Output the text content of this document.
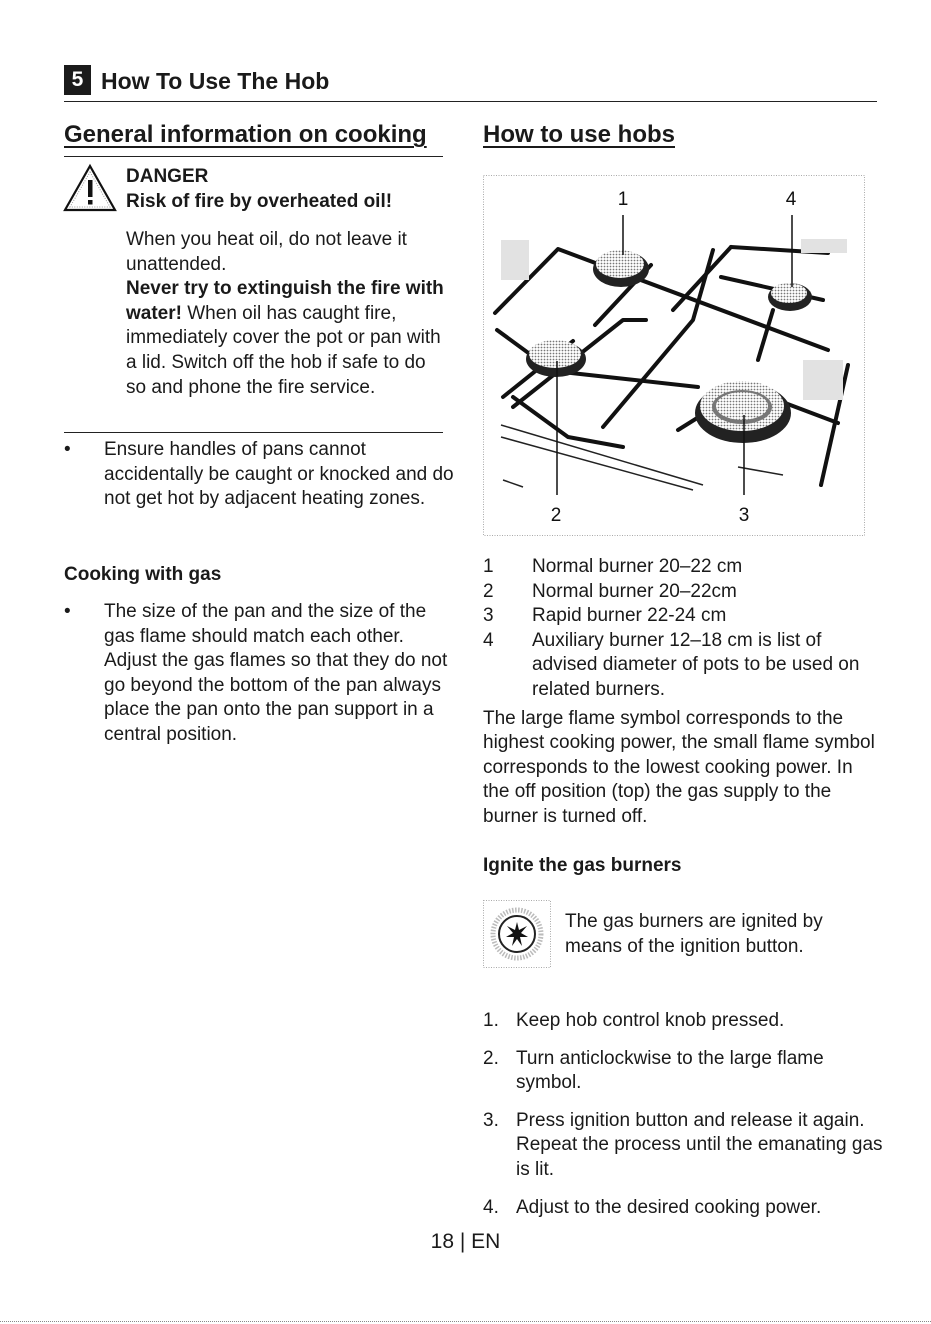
5 How To Use The Hob
General information on cooking
DANGER
Risk of fire by overheated oil!
When you heat oil, do not leave it unattended.
Never try to extinguish the fire with water! When oil has caught fire, immediately cover the pot or pan with a lid. Switch off the hob if safe to do so and phone the fire service.
• Ensure handles of pans cannot accidentally be caught or knocked and do not get hot by adjacent heating zones.
Cooking with gas
• The size of the pan and the size of the gas flame should match each other. Adjust the gas flames so that they do not go beyond the bottom of the pan always place the pan onto the pan support in a central position.
How to use hobs
1	4
2	3
1 Normal burner 20–22 cm
2 Normal burner 20–22cm
3 Rapid burner 22-24 cm
4 Auxiliary burner 12–18 cm is list of advised diameter of pots to be used on related burners.
The large flame symbol corresponds to the highest cooking power, the small flame symbol corresponds to the lowest cooking power. In the off position (top) the gas supply to the burner is turned off.
Ignite the gas burners
The gas burners are ignited by means of the ignition button.
1. Keep hob control knob pressed.
2. Turn anticlockwise to the large flame symbol.
3. Press ignition button and release it again. Repeat the process until the emanating gas is lit.
4. Adjust to the desired cooking power.
18 | EN
